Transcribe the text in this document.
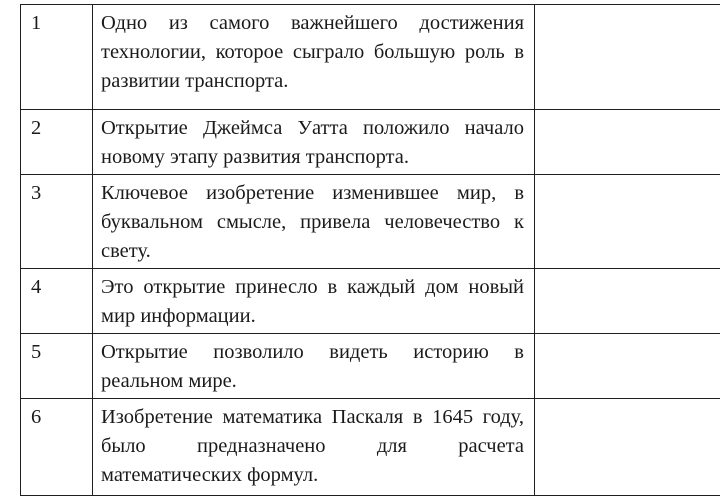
1	Одно из самого важнейшего достижения технологии, которое сыграло большую роль в развитии транспорта.	
2	Открытие Джеймса Уатта положило начало новому этапу развития транспорта.	
3	Ключевое изобретение изменившее мир, в буквальном смысле, привела человечество к свету.	
4	Это открытие принесло в каждый дом новый мир информации.	
5	Открытие позволило видеть историю в реальном мире.	
6	Изобретение математика Паскаля в 1645 году, было предназначено для расчета математических формул.	
